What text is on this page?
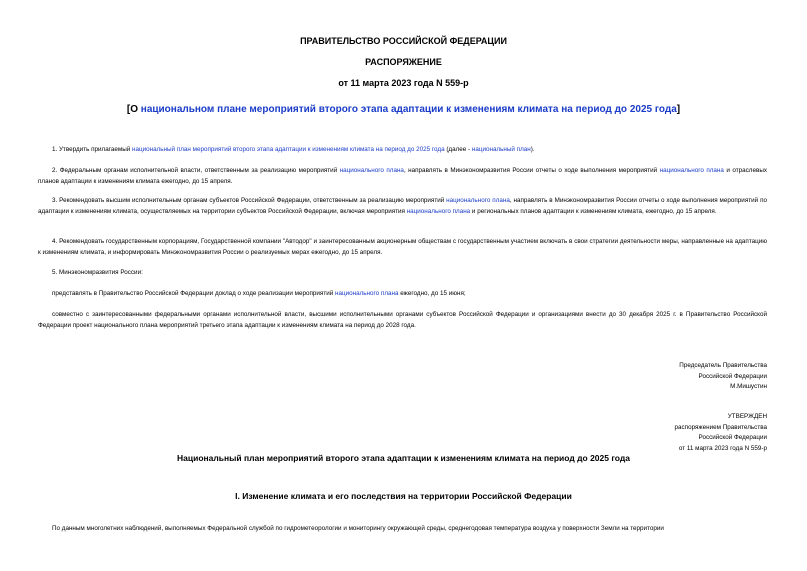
ПРАВИТЕЛЬСТВО РОССИЙСКОЙ ФЕДЕРАЦИИ
РАСПОРЯЖЕНИЕ
от 11 марта 2023 года N 559-р
[О национальном плане мероприятий второго этапа адаптации к изменениям климата на период до 2025 года]
1. Утвердить прилагаемый национальный план мероприятий второго этапа адаптации к изменениям климата на период до 2025 года (далее - национальный план).
2. Федеральным органам исполнительной власти, ответственным за реализацию мероприятий национального плана, направлять в Минэкономразвития России отчеты о ходе выполнения мероприятий национального плана и отраслевых планов адаптации к изменениям климата ежегодно, до 15 апреля.
3. Рекомендовать высшим исполнительным органам субъектов Российской Федерации, ответственным за реализацию мероприятий национального плана, направлять в Минэкономразвития России отчеты о ходе выполнения мероприятий по адаптации к изменениям климата, осуществляемых на территории субъектов Российской Федерации, включая мероприятия национального плана и региональных планов адаптации к изменениям климата, ежегодно, до 15 апреля.
4. Рекомендовать государственным корпорациям, Государственной компании "Автодор" и заинтересованным акционерным обществам с государственным участием включать в свои стратегии деятельности меры, направленные на адаптацию к изменениям климата, и информировать Минэкономразвития России о реализуемых мерах ежегодно, до 15 апреля.
5. Минэкономразвития России:
представлять в Правительство Российской Федерации доклад о ходе реализации мероприятий национального плана ежегодно, до 15 июня;
совместно с заинтересованными федеральными органами исполнительной власти, высшими исполнительными органами субъектов Российской Федерации и организациями внести до 30 декабря 2025 г. в Правительство Российской Федерации проект национального плана мероприятий третьего этапа адаптации к изменениям климата на период до 2028 года.
Председатель Правительства
Российской Федерации
М.Мишустин
УТВЕРЖДЕН
распоряжением Правительства
Российской Федерации
от 11 марта 2023 года N 559-р
Национальный план мероприятий второго этапа адаптации к изменениям климата на период до 2025 года
I. Изменение климата и его последствия на территории Российской Федерации
По данным многолетних наблюдений, выполняемых Федеральной службой по гидрометеорологии и мониторингу окружающей среды, среднегодовая температура воздуха у поверхности Земли на территории
